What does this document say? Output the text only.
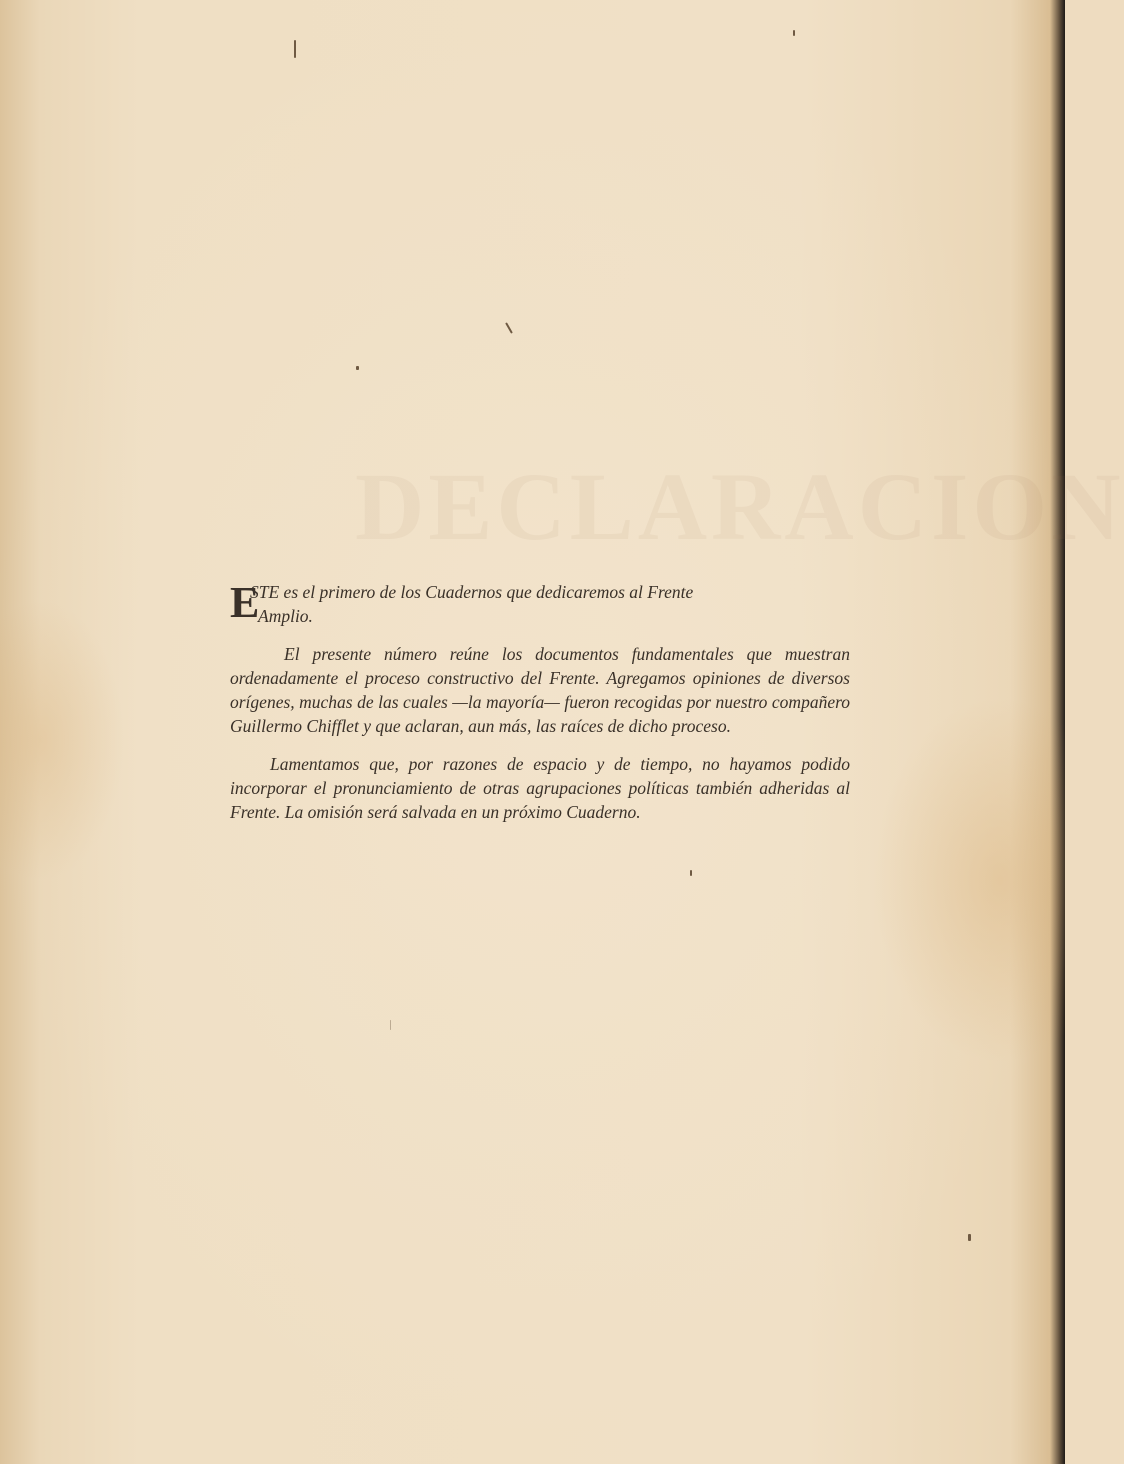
DECLARACION

E
STE es el primero de los Cuadernos que dedicaremos al Frente
Amplio.

El presente número reúne los documentos fundamentales que muestran ordenadamente el proceso constructivo del Frente. Agregamos opiniones de diversos orígenes, muchas de las cuales —la mayoría— fueron recogidas por nuestro compañero Guillermo Chifflet y que aclaran, aun más, las raíces de dicho proceso.

Lamentamos que, por razones de espacio y de tiempo, no hayamos podido incorporar el pronunciamiento de otras agrupaciones políticas también adheridas al Frente. La omisión será salvada en un próximo Cuaderno.
